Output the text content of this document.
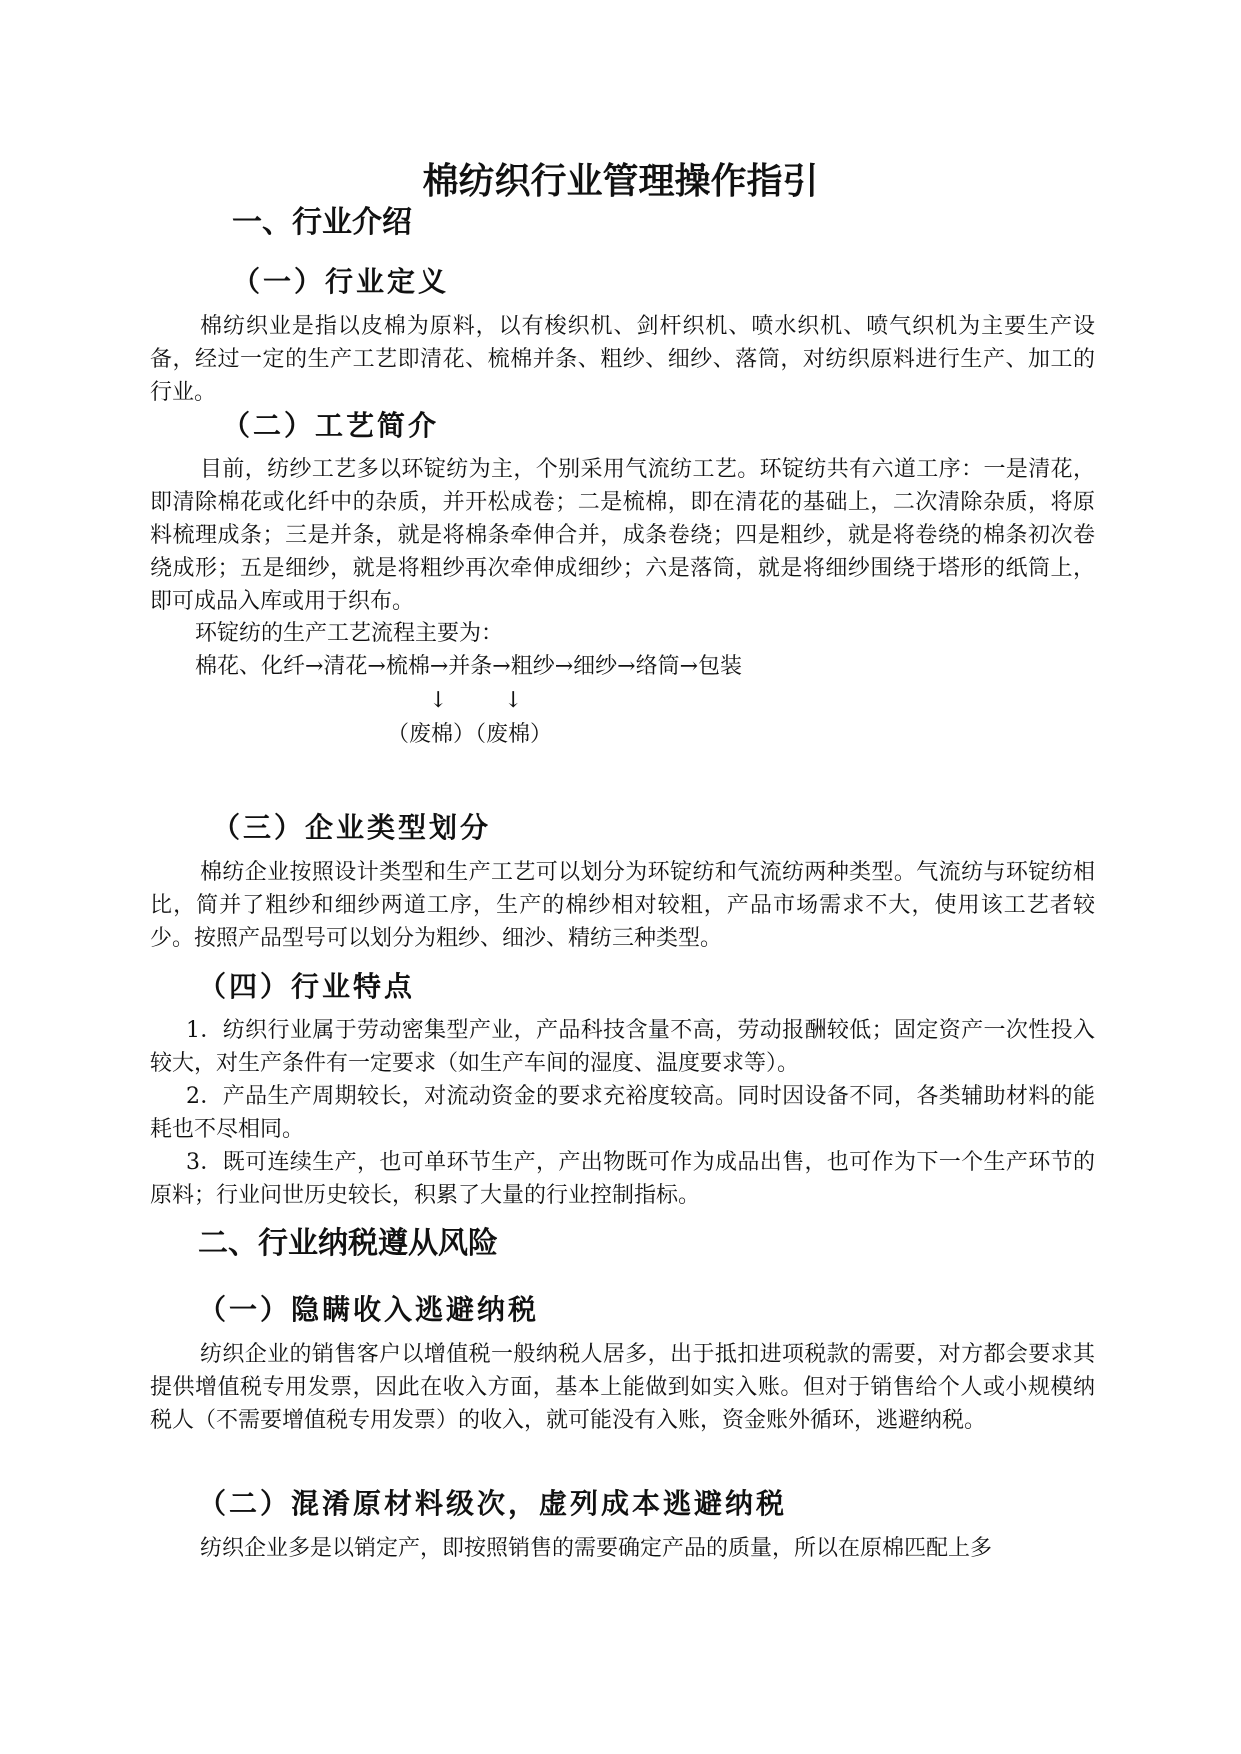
棉纺织行业管理操作指引
一、行业介绍
（一）行业定义

棉纺织业是指以皮棉为原料，以有梭织机、剑杆织机、喷水织机、喷气织机为主要生产设备，经过一定的生产工艺即清花、梳棉并条、粗纱、细纱、落筒，对纺织原料进行生产、加工的行业。

（二）工艺简介

目前，纺纱工艺多以环锭纺为主，个别采用气流纺工艺。环锭纺共有六道工序：一是清花，即清除棉花或化纤中的杂质，并开松成卷；二是梳棉，即在清花的基础上，二次清除杂质，将原料梳理成条；三是并条，就是将棉条牵伸合并，成条卷绕；四是粗纱，就是将卷绕的棉条初次卷绕成形；五是细纱，就是将粗纱再次牵伸成细纱；六是落筒，就是将细纱围绕于塔形的纸筒上，即可成品入库或用于织布。

环锭纺的生产工艺流程主要为：

棉花、化纤→清花→梳棉→并条→粗纱→细纱→络筒→包装

↓	↓

（废棉）（废棉）

（三）企业类型划分

棉纺企业按照设计类型和生产工艺可以划分为环锭纺和气流纺两种类型。气流纺与环锭纺相比，简并了粗纱和细纱两道工序，生产的棉纱相对较粗，产品市场需求不大，使用该工艺者较少。按照产品型号可以划分为粗纱、细沙、精纺三种类型。

（四）行业特点

1．纺织行业属于劳动密集型产业，产品科技含量不高，劳动报酬较低；固定资产一次性投入较大，对生产条件有一定要求（如生产车间的湿度、温度要求等）。

2．产品生产周期较长，对流动资金的要求充裕度较高。同时因设备不同，各类辅助材料的能耗也不尽相同。

3．既可连续生产，也可单环节生产，产出物既可作为成品出售，也可作为下一个生产环节的原料；行业问世历史较长，积累了大量的行业控制指标。

二、行业纳税遵从风险
（一）隐瞒收入逃避纳税

纺织企业的销售客户以增值税一般纳税人居多，出于抵扣进项税款的需要，对方都会要求其提供增值税专用发票，因此在收入方面，基本上能做到如实入账。但对于销售给个人或小规模纳税人（不需要增值税专用发票）的收入，就可能没有入账，资金账外循环，逃避纳税。

（二）混淆原材料级次，虚列成本逃避纳税

纺织企业多是以销定产，即按照销售的需要确定产品的质量，所以在原棉匹配上多
